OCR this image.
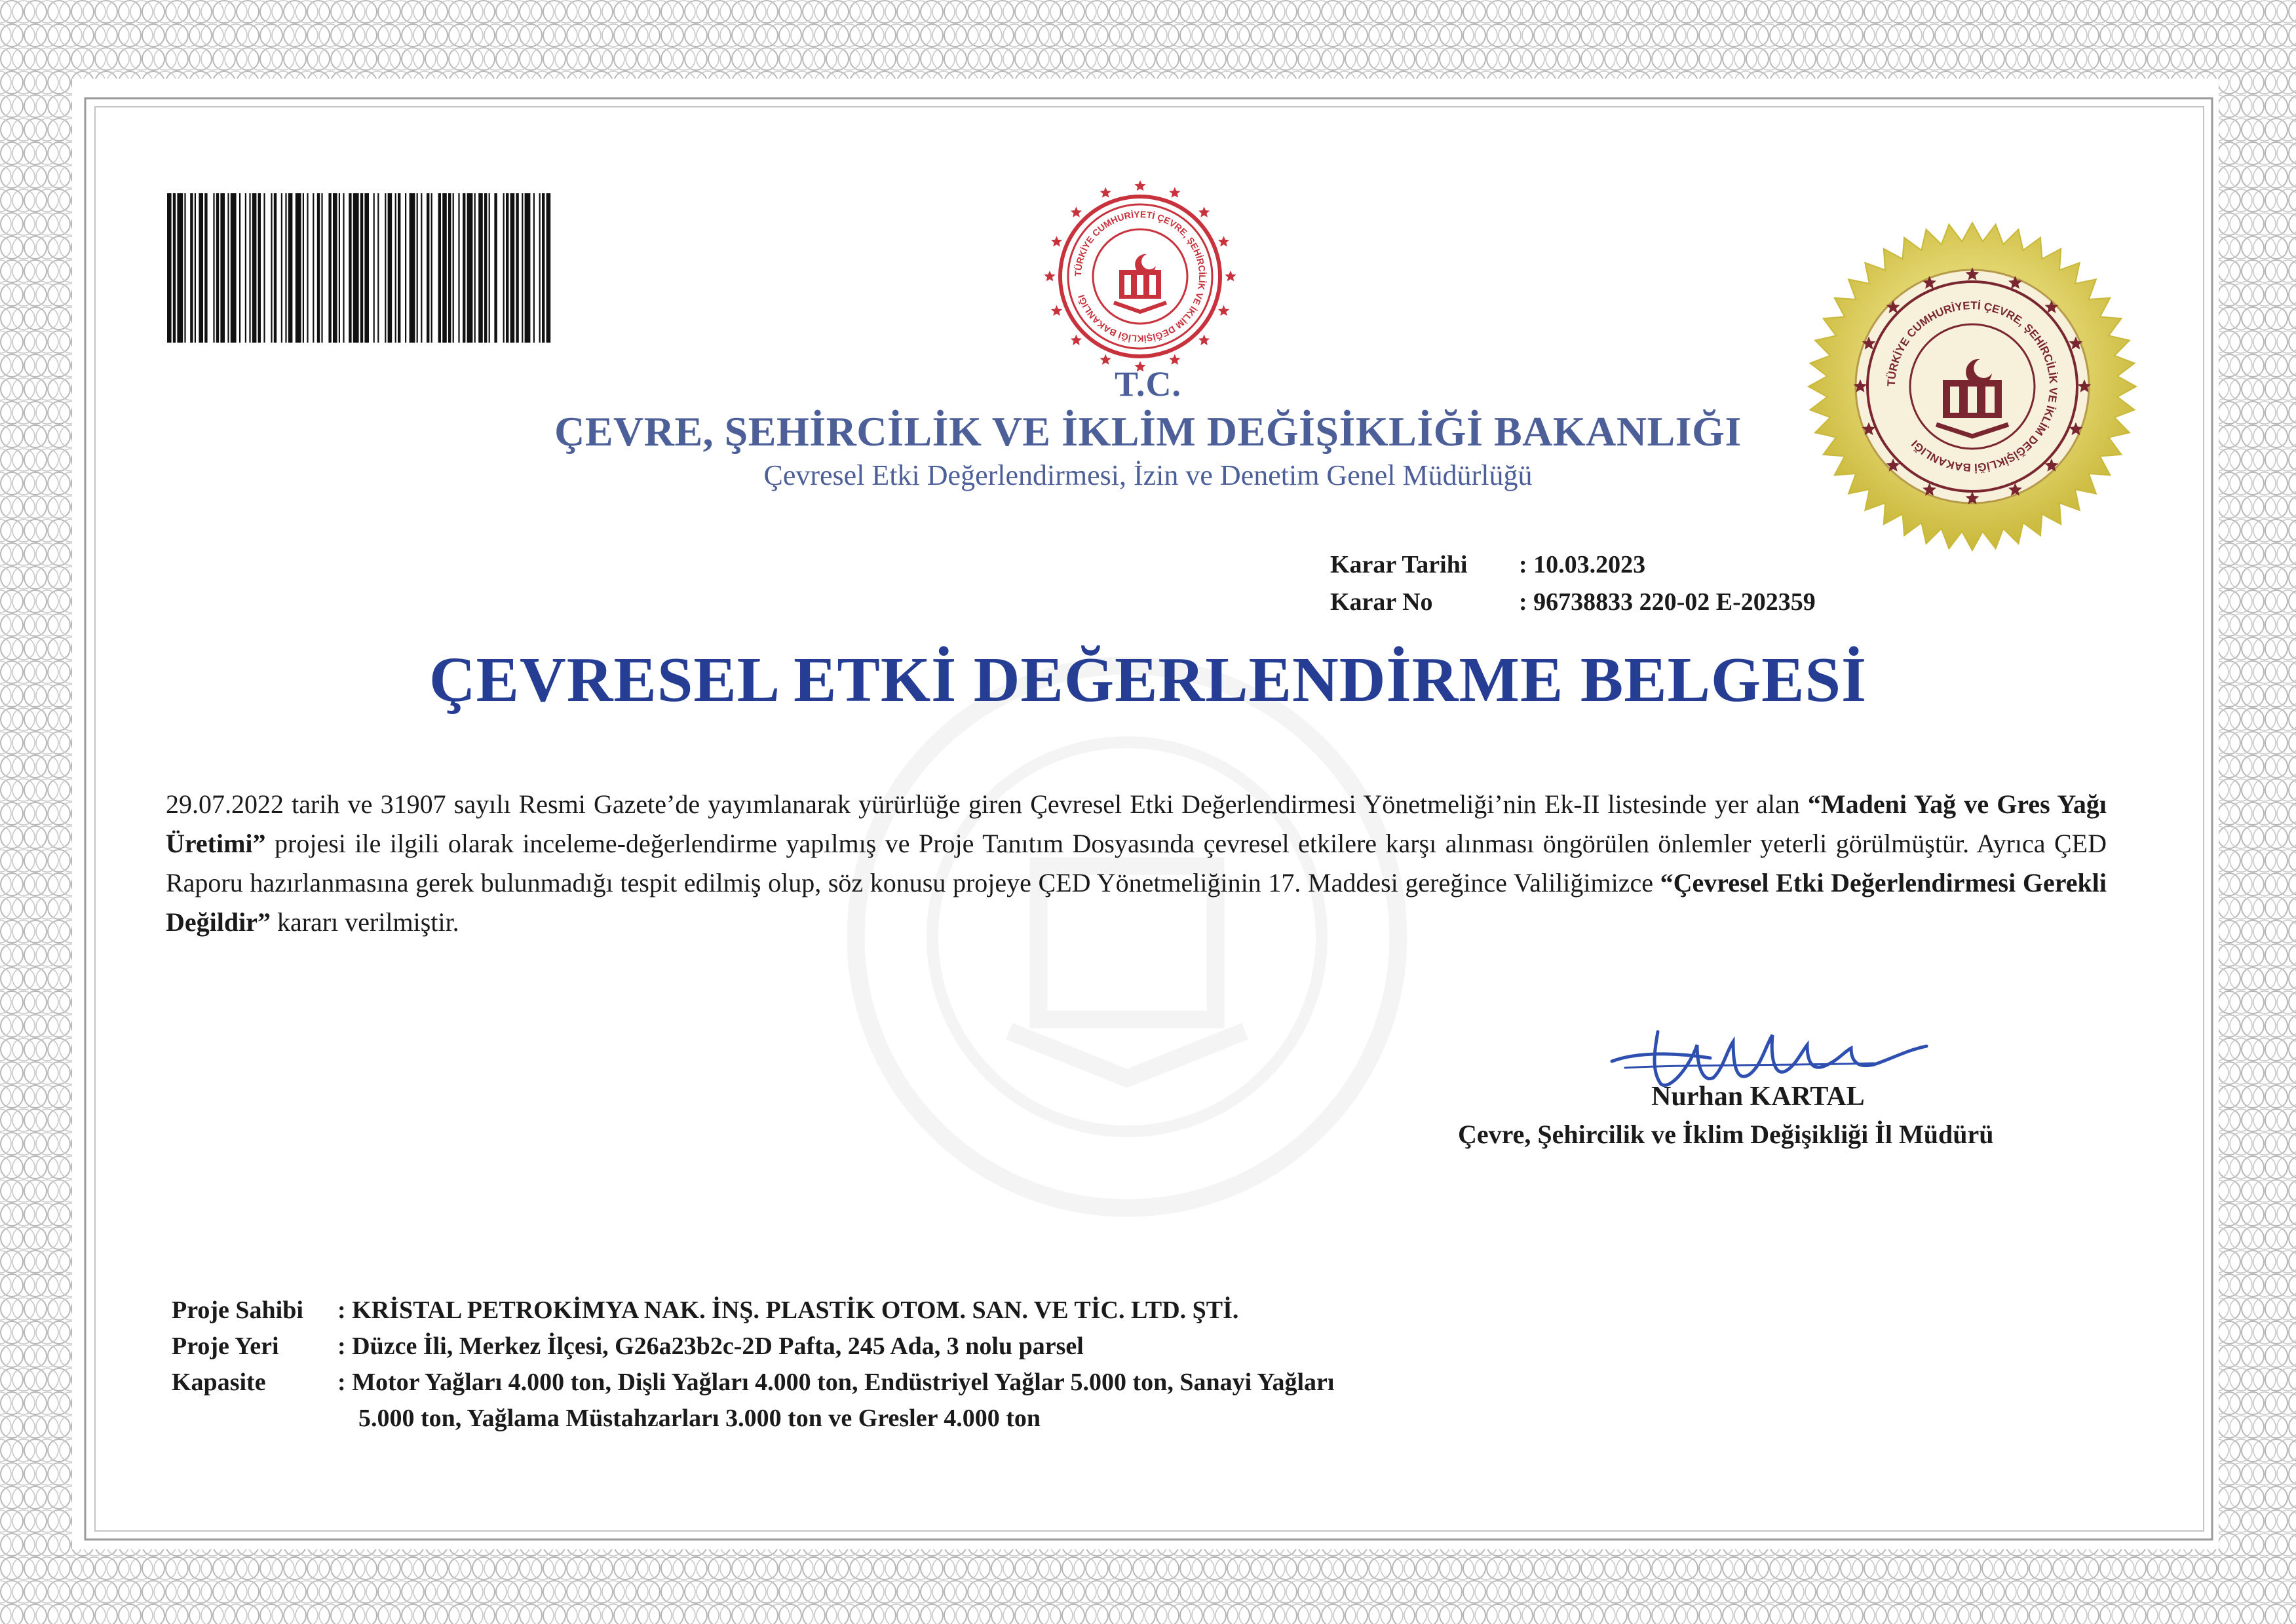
TÜRKİYE CUMHURİYETİ ÇEVRE, ŞEHİRCİLİK VE İKLİM DEĞİŞİKLİĞİ BAKANLIĞI
TÜRKİYE CUMHURİYETİ ÇEVRE, ŞEHİRCİLİK VE İKLİM DEĞİŞİKLİĞİ BAKANLIĞI
T.C.
ÇEVRE, ŞEHİRCİLİK VE İKLİM DEĞİŞİKLİĞİ BAKANLIĞI
Çevresel Etki Değerlendirmesi, İzin ve Denetim Genel Müdürlüğü
Karar Tarihi : 10.03.2023
Karar No	: 96738833 220-02 E-202359
ÇEVRESEL ETKİ DEĞERLENDİRME BELGESİ
29.07.2022 tarih ve 31907 sayılı Resmi Gazete’de yayımlanarak yürürlüğe giren Çevresel Etki Değerlendirmesi Yönetmeliği’nin Ek-II listesinde yer alan “Madeni Yağ ve Gres Yağı Üretimi” projesi ile ilgili olarak inceleme-değerlendirme yapılmış ve Proje Tanıtım Dosyasında çevresel etkilere karşı alınması öngörülen önlemler yeterli görülmüştür. Ayrıca ÇED Raporu hazırlanmasına gerek bulunmadığı tespit edilmiş olup, söz konusu projeye ÇED Yönetmeliğinin 17. Maddesi gereğince Valiliğimizce “Çevresel Etki Değerlendirmesi Gerekli Değildir” kararı verilmiştir.
Nurhan KARTAL
Çevre, Şehircilik ve İklim Değişikliği İl Müdürü
Proje Sahibi : KRİSTAL PETROKİMYA NAK. İNŞ. PLASTİK OTOM. SAN. VE TİC. LTD. ŞTİ.
Proje Yeri : Düzce İli, Merkez İlçesi, G26a23b2c-2D Pafta, 245 Ada, 3 nolu parsel
Kapasite	: Motor Yağları 4.000 ton, Dişli Yağları 4.000 ton, Endüstriyel Yağlar 5.000 ton, Sanayi Yağları
5.000 ton, Yağlama Müstahzarları 3.000 ton ve Gresler 4.000 ton
